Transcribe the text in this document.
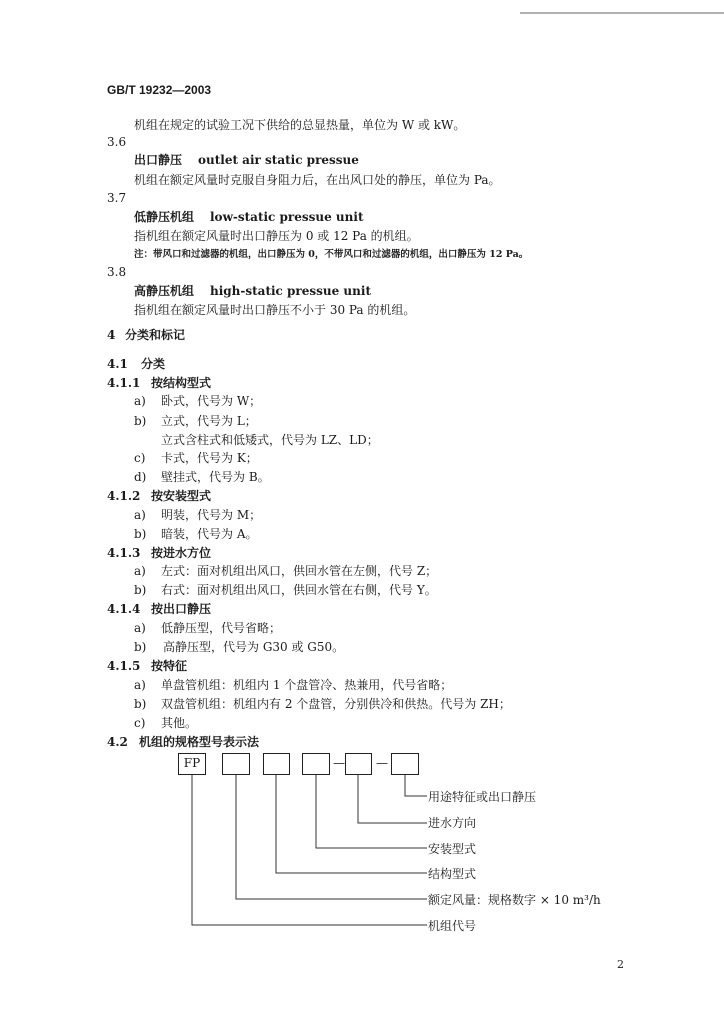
GB/T 19232—2003
机组在规定的试验工况下供给的总显热量，单位为 W 或 kW。
3.6
出口静压 outlet air static pressue
机组在额定风量时克服自身阻力后，在出风口处的静压，单位为 Pa。
3.7
低静压机组 low-static pressue unit
指机组在额定风量时出口静压为 0 或 12 Pa 的机组。
注：带风口和过滤器的机组，出口静压为 0，不带风口和过滤器的机组，出口静压为 12 Pa。
3.8
高静压机组 high-static pressue unit
指机组在额定风量时出口静压不小于 30 Pa 的机组。
4 分类和标记
4.1 分类
4.1.1 按结构型式
a) 卧式，代号为 W；
b) 立式，代号为 L；
立式含柱式和低矮式，代号为 LZ、LD；
c) 卡式，代号为 K；
d) 壁挂式，代号为 B。
4.1.2 按安装型式
a) 明装，代号为 M；
b) 暗装，代号为 A。
4.1.3 按进水方位
a) 左式：面对机组出风口，供回水管在左侧，代号 Z；
b) 右式：面对机组出风口，供回水管在右侧，代号 Y。
4.1.4 按出口静压
a) 低静压型，代号省略；
b) 高静压型，代号为 G30 或 G50。
4.1.5 按特征
a) 单盘管机组：机组内 1 个盘管冷、热兼用，代号省略；
b) 双盘管机组：机组内有 2 个盘管，分别供冷和供热。代号为 ZH；
c) 其他。
4.2 机组的规格型号表示法
FP	—	—
用途特征或出口静压
进水方向
安装型式
结构型式
额定风量：规格数字 × 10 m³/h
机组代号
2
